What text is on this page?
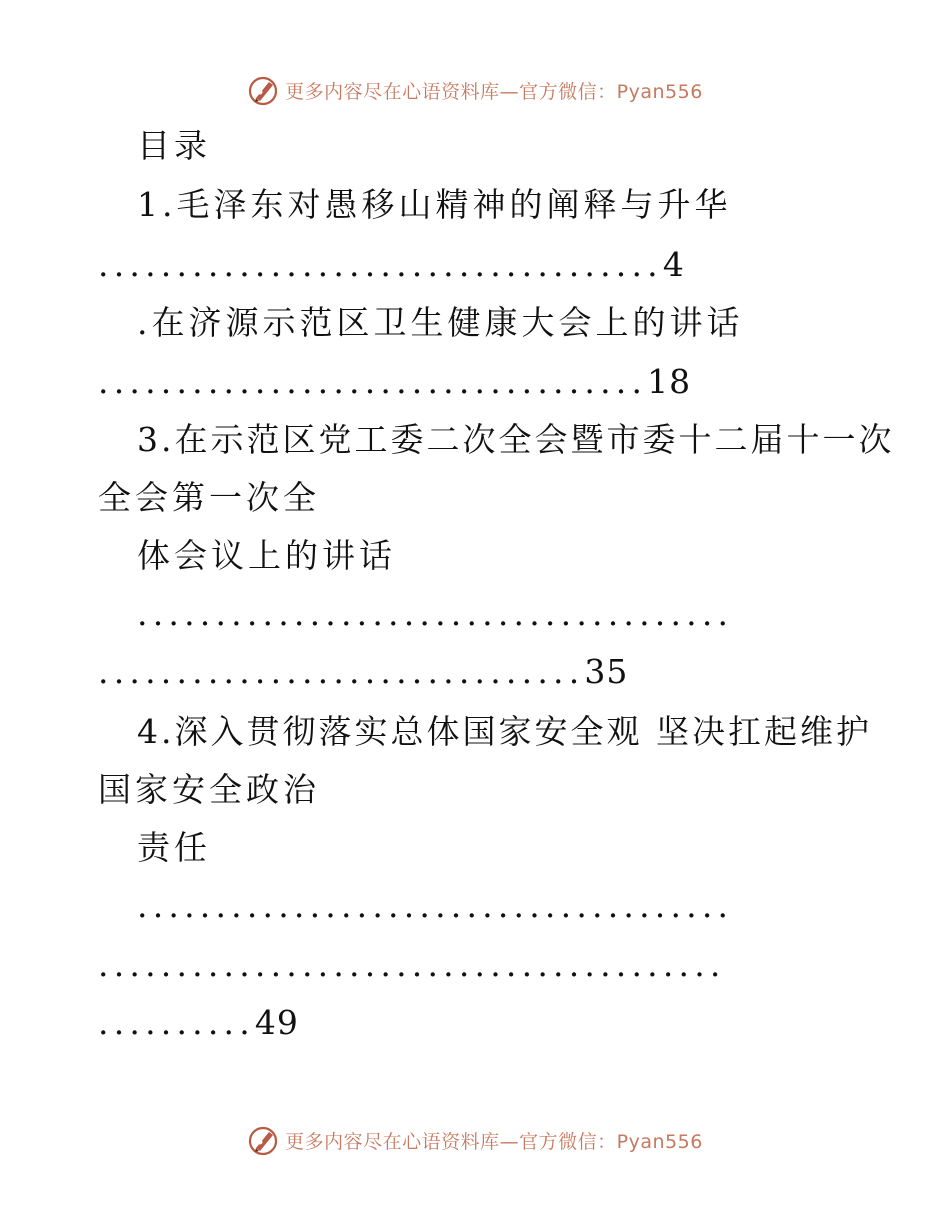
更多内容尽在心语资料库—官方微信：Pyan556
目录
1.毛泽东对愚移山精神的阐释与升华
....................................4
.在济源示范区卫生健康大会上的讲话
...................................18
3.在示范区党工委二次全会暨市委十二届十一次
全会第一次全
体会议上的讲话
......................................
...............................35
4.深入贯彻落实总体国家安全观 坚决扛起维护
国家安全政治
责任
......................................
........................................
..........49
更多内容尽在心语资料库—官方微信：Pyan556
